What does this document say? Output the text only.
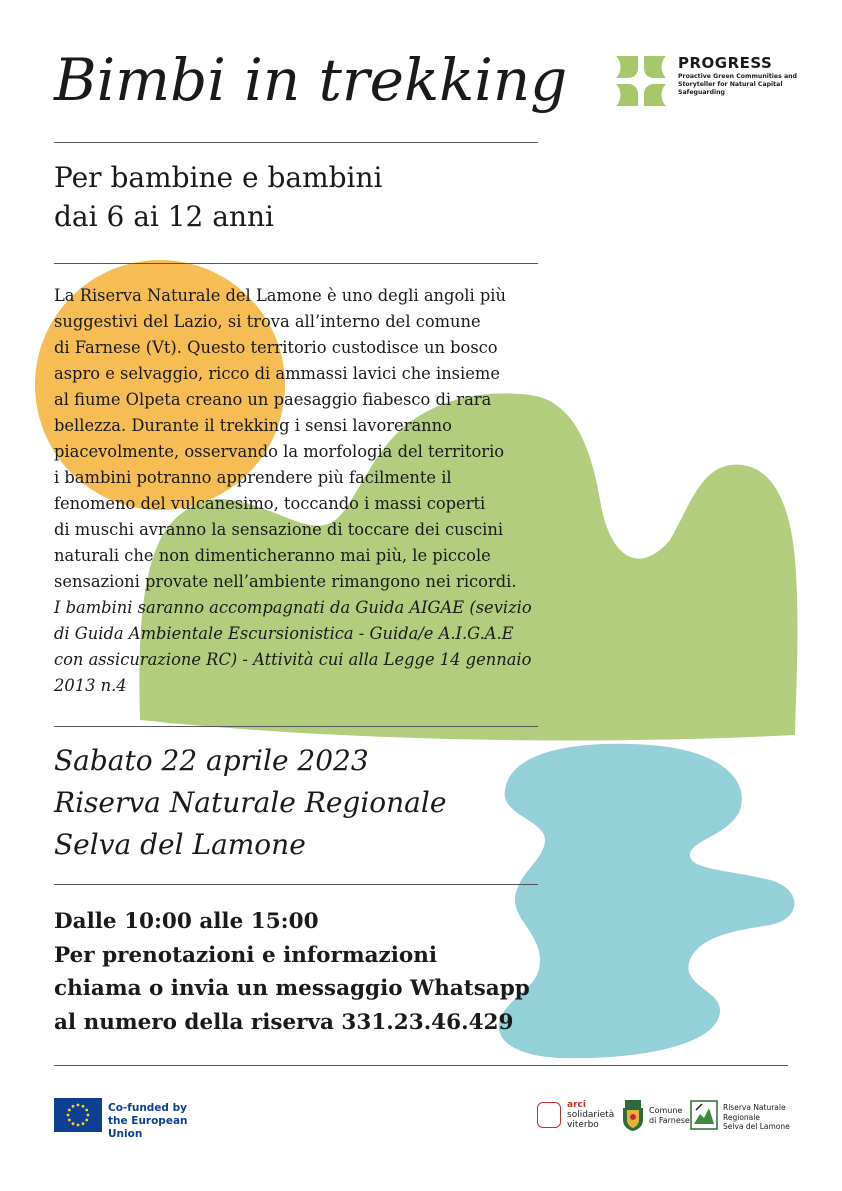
Bimbi in trekking	PROGRESS
Proactive Green Communities and Storyteller for Natural Capital Safeguarding
Per bambine e bambini
dai 6 ai 12 anni

La Riserva Naturale del Lamone è uno degli angoli più

suggestivi del Lazio, si trova all’interno del comune

di Farnese (Vt). Questo territorio custodisce un bosco

aspro e selvaggio, ricco di ammassi lavici che insieme

al fiume Olpeta creano un paesaggio fiabesco di rara

bellezza. Durante il trekking i sensi lavoreranno

piacevolmente, osservando la morfologia del territorio

i bambini potranno apprendere più facilmente il

fenomeno del vulcanesimo, toccando i massi coperti

di muschi avranno la sensazione di toccare dei cuscini

naturali che non dimenticheranno mai più, le piccole

sensazioni provate nell’ambiente rimangono nei ricordi.

I bambini saranno accompagnati da Guida AIGAE (sevizio

di Guida Ambientale Escursionistica - Guida/e A.I.G.A.E

con assicurazione RC) - Attività cui alla Legge 14 gennaio

2013 n.4

Sabato 22 aprile 2023
Riserva Naturale Regionale
Selva del Lamone
Dalle 10:00 alle 15:00
Per prenotazioni e informazioni
chiama o invia un messaggio Whatsapp
al numero della riserva 331.23.46.429
Co-funded by
the European Union
arci
solidarietà
viterbo
Comune
di Farnese
Riserva Naturale
Regionale
Selva del Lamone
